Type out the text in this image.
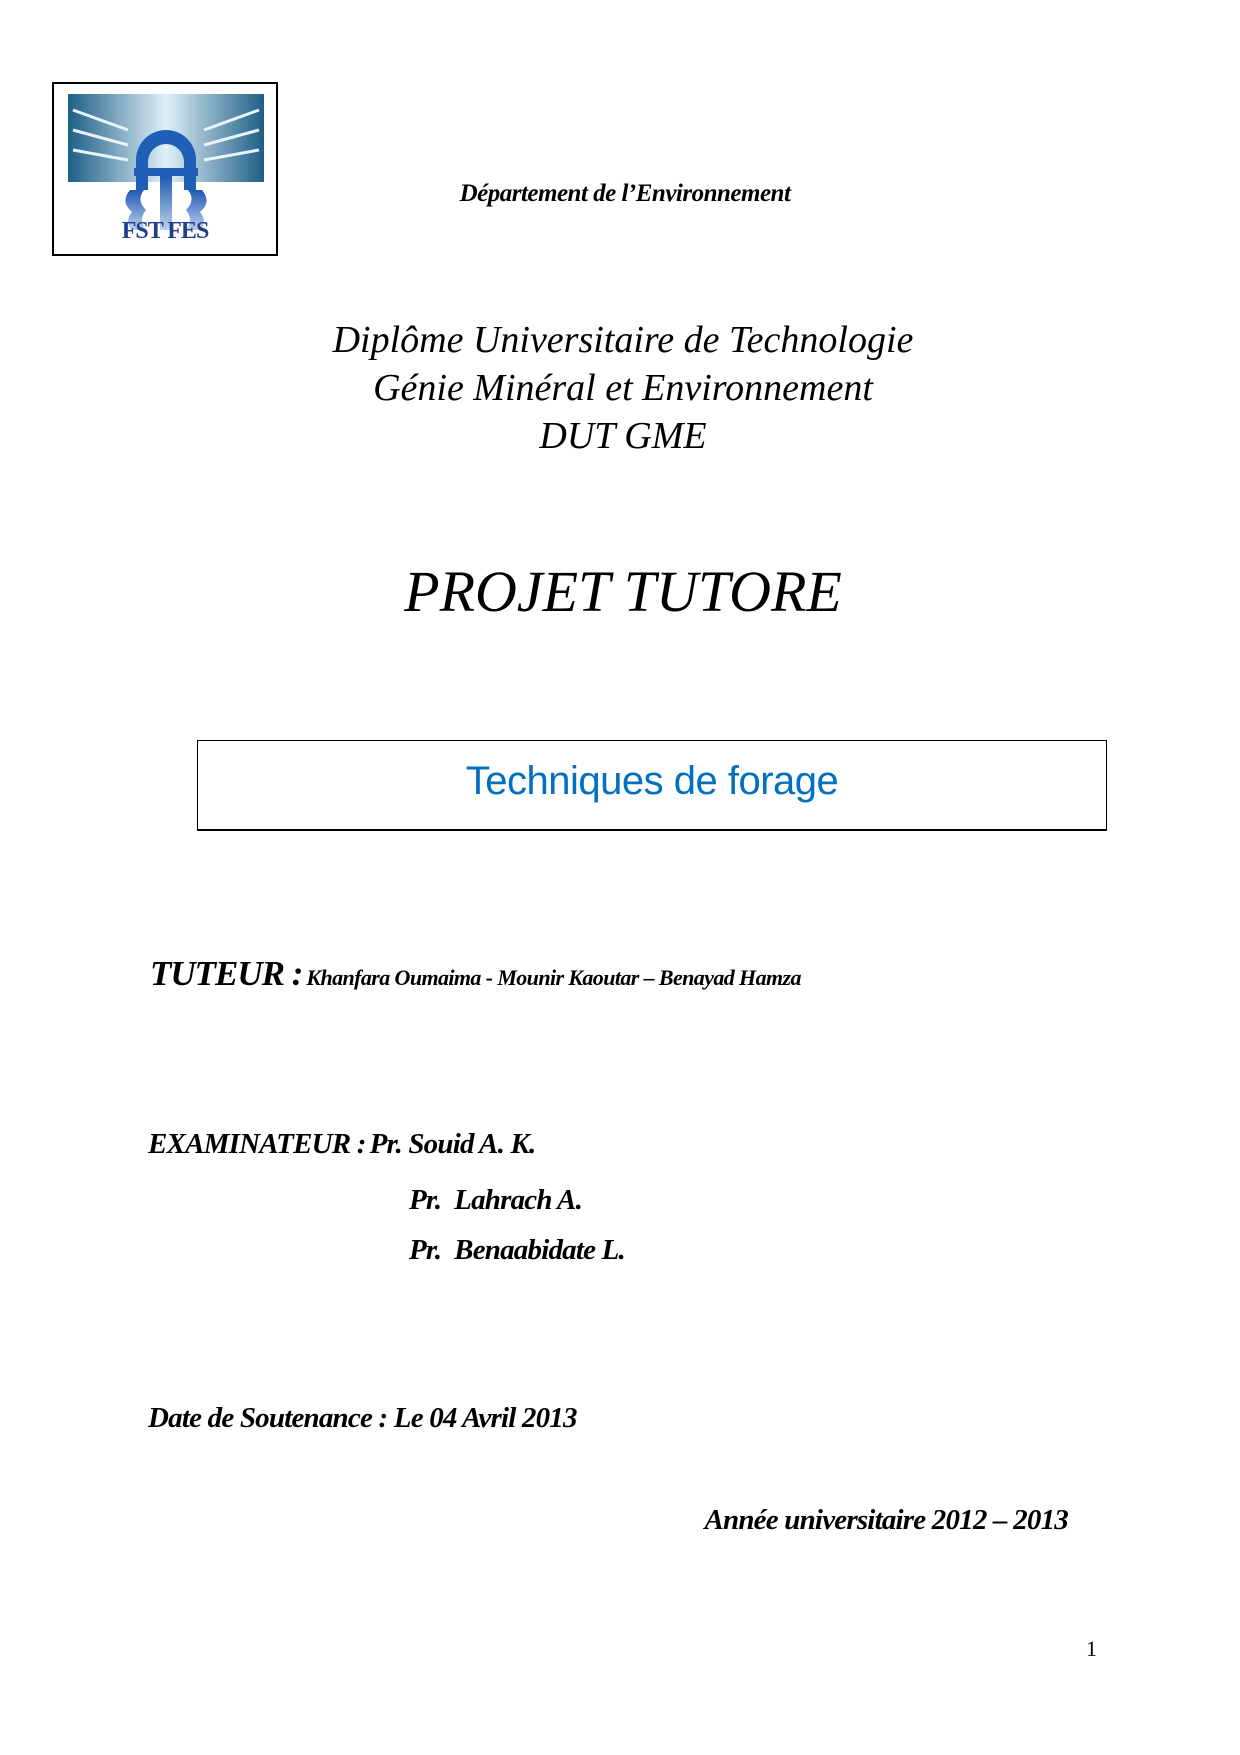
FST FES
Département de l’Environnement
Diplôme Universitaire de Technologie
Génie Minéral et Environnement
DUT GME
PROJET TUTORE
Techniques de forage
TUTEUR : Khanfara Oumaima - Mounir Kaoutar – Benayad Hamza
EXAMINATEUR : Pr. Souid A. K.
Pr.  Lahrach A.
Pr.  Benaabidate L.
Date de Soutenance : Le 04 Avril 2013
Année universitaire 2012 – 2013
1
